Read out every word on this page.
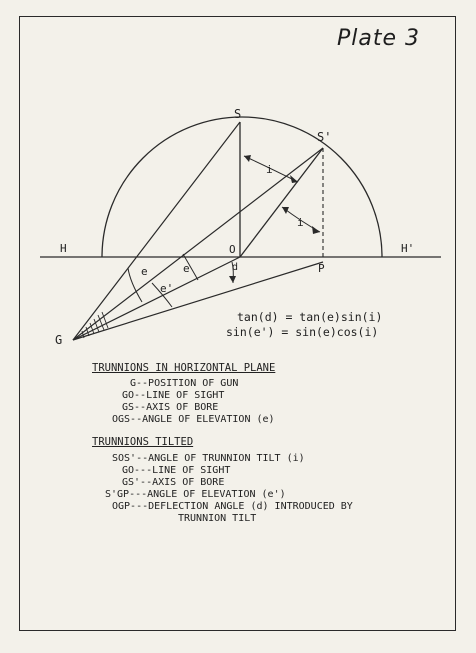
Plate 3
S
S'
H	H'
O
P
G
d
i
i
e	e
e'
tan(d) = tan(e)sin(i)
sin(e') = sin(e)cos(i)
TRUNNIONS IN HORIZONTAL PLANE
G--POSITION OF GUN
GO--LINE OF SIGHT
GS--AXIS OF BORE
OGS--ANGLE OF ELEVATION (e)
TRUNNIONS TILTED
SOS'--ANGLE OF TRUNNION TILT (i)
GO---LINE OF SIGHT
GS'--AXIS OF BORE
S'GP---ANGLE OF ELEVATION (e')
OGP---DEFLECTION ANGLE (d) INTRODUCED BY
TRUNNION TILT
